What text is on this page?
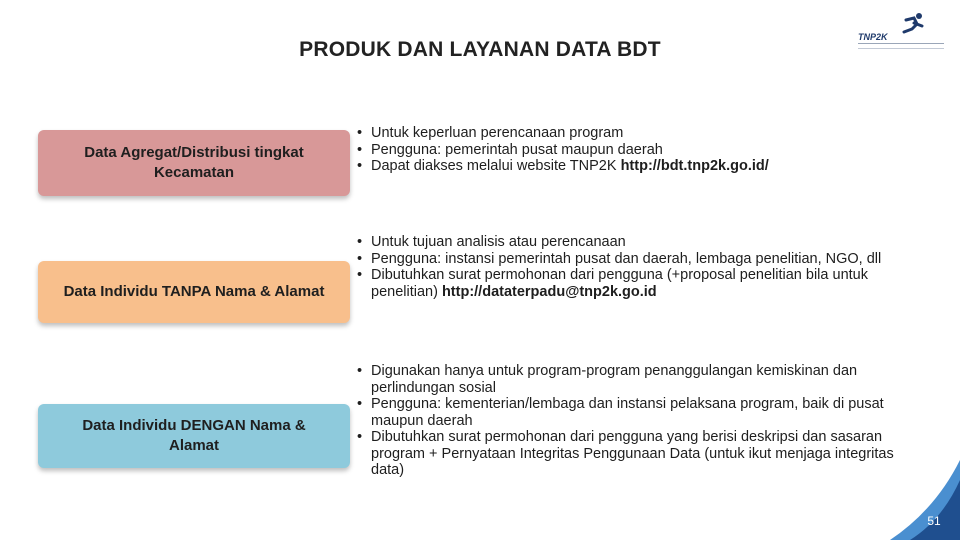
PRODUK DAN LAYANAN DATA BDT
TNP2K
Data Agregat/Distribusi tingkat Kecamatan
Data Individu TANPA Nama & Alamat
Data Individu DENGAN Nama & Alamat
• Untuk keperluan perencanaan program
• Pengguna: pemerintah pusat maupun daerah
• Dapat diakses melalui website TNP2K http://bdt.tnp2k.go.id/
• Untuk tujuan analisis atau perencanaan
• Pengguna: instansi pemerintah pusat dan daerah, lembaga penelitian, NGO, dll
• Dibutuhkan surat permohonan dari pengguna (+proposal penelitian bila untuk penelitian) http://dataterpadu@tnp2k.go.id
• Digunakan hanya untuk program-program penanggulangan kemiskinan dan perlindungan sosial
• Pengguna: kementerian/lembaga dan instansi pelaksana program, baik di pusat maupun daerah
• Dibutuhkan surat permohonan dari pengguna yang berisi deskripsi dan sasaran program + Pernyataan Integritas Penggunaan Data (untuk ikut menjaga integritas data)
51
